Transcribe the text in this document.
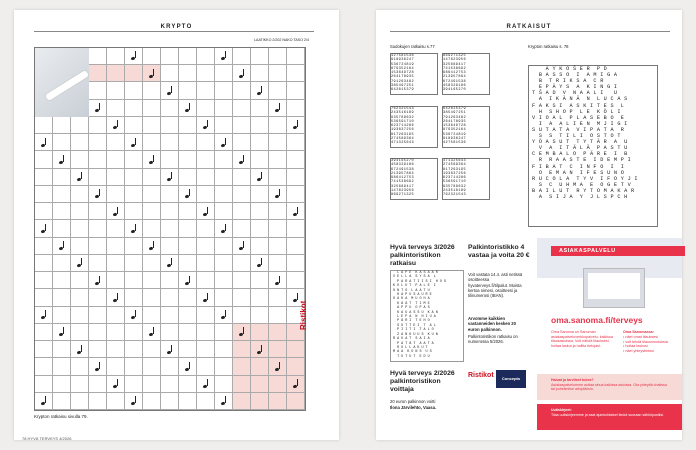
KRYPTO
LAATIKKO 2/202 NAKO TASO 2/4
Krypton ratkaisu sivulla 79.
Ristikot
78 HYVÄ TERVEYS 4/2026
RATKAISUT
Sudokujen ratkaisu s.77	Krypton ratkaisu s. 78
427581536
918936247
536724819
879352164
153649728
264178935
791263482
385497251
642815379
869271325
147823956
325689417
741538692
986412753
213957864
672491538
458329186
394165270
762321543
243516189
935789632
536591710
623714286
193837256
817263195
274589364
471325643
642815379
385497251
791263482
264178935
153649728
879352164
536724819
918936247
427581536
394165270
458329186
672491538
213957864
986412753
741538692
325689417
147823956
869271325
471325643
274589364
817263195
193837256
623714286
536591710
935789632
243516189
762321543
A Y K O Š E R  P D
B A S S O  I  A M I G A
B  T R I K S A  C R
E P Ä Y S  A  K I N G I
T Š A D  V  N A A L I   U
A  I K Ä N Ä  N  L U C A S
F A K S I  A S K I T E S  L
H  S H O P  L E  K Ö L I
V I O A L  P L A S E B O  E
I  A  A L I E N  M J I G I
S U T A T A  V I P A T A  R
S  S  T I L I  O S T O T
Y Ö A S U T  T Y T Ä R  A  U
V  A  I T Ä L Ä  P A S T U
C E M B A L O  P Ä R E  I  B
R  R A A S T E  I D E M P I
F I B A T  C  I N F O  I  I
O  E M A N  I F E S U N O
R U C O L A  T Y V  I F O Y J I
S  C  U H M A  E  O G E T V
B A I L U T  R Y T O M A K A R
A  S I J A  Y  J L S P C H
Hyvä terveys 3/2026 palkintoristikon ratkaisu
L A P E  K A S A A R
V E L L A  S Y S A  L
P A R A T I I S I  H O S
K O L U T  P A L E  I
O N T O  L A A T U
H A P U S A U R E
O A K A  M U O H A
K Ä Ä T  T I M E
A P P U  O P A S
K A U A S S U  K A N
L E P A  N  H I U A
P Ä R I  T E H O
S U T T E I  T  A L
P I I T I  T A L O
Z A N K U U S  K U N
R A U A T  S A I A
P A T Ä T  A A T A
R U L L A K U T
M A A  K O N S  U S
T U T U T  E D U
Hyvä terveys 2/2026 palkintoristikon voittaja
20 euron palkinnon voitti
Ilona Järvilehto, Vaasa.
Palkintoristikko 4 vastaa ja voita 20 €
Voit vastata 14.4. asti netissä osoitteessa hyvaterveys.fi/tilpalut. Muista kertoa nimesi, osoitteesi ja tilinumerosi (IBAN).
Arvomme kaikkien vastanneiden kesken 20 euron palkinnon.
Palkintoristikon ratkaisu on numerossa 5/2026.
Ristikot	Concepts
ASIAKASPALVELU
oma.sanoma.fi/terveys
Oma Sanoma on Sanoman asiakaspalveluverkkopalvelu, kaikissa tilausasioissa. Voit nähdä tilauksesi, hoitaa laskut ja hallita tietojasi.
Oma Sanomassa:
• näet omat tilauksesi
• voit tehdä tilausmuutoksia
• hoitaa laskusi
• näet yhteystietosi
Haluat ja tarvitset tukea?
Asiakaspalvelumme auttaa sinua kaikissa asioissa. Ota yhteyttä chatissa tai puhelimitse arkipäivisin.
Uutiskirjeet:
Tilaa uutiskirjeemme ja saat ajankohtaiset tiedot suoraan sähköpostiisi.
